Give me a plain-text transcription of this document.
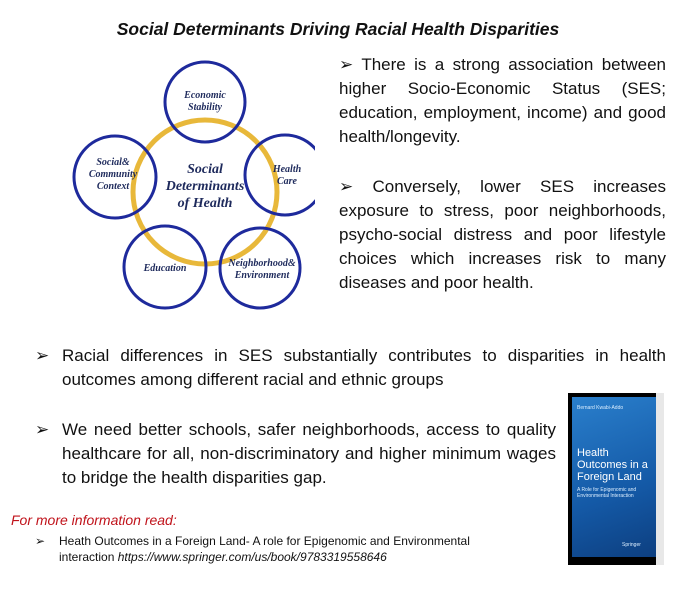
Social Determinants Driving Racial Health Disparities
Social Determinants of Health
Economic Stability
Social& Community Context
Health Care
Education	Neighborhood& Environment
➢ There is a strong association between higher Socio-Economic Status (SES; education, employment, income) and good health/longevity.
➢ Conversely, lower SES increases exposure to stress, poor neighborhoods, psycho-social distress and poor lifestyle choices which increases risk to many diseases and poor health.
➢ Racial differences in SES substantially contributes to disparities in health outcomes among different racial and ethnic groups
➢ We need better schools, safer neighborhoods, access to quality healthcare for all, non-discriminatory and higher minimum wages to bridge the health disparities gap.
For more information read:
➢ Heath Outcomes in a Foreign Land- A role for Epigenomic and Environmental
interaction https://www.springer.com/us/book/9783319558646
Bernard Kwabi-Addo
Health Outcomes in a Foreign Land
A Role for Epigenomic and Environmental Interaction
Springer
